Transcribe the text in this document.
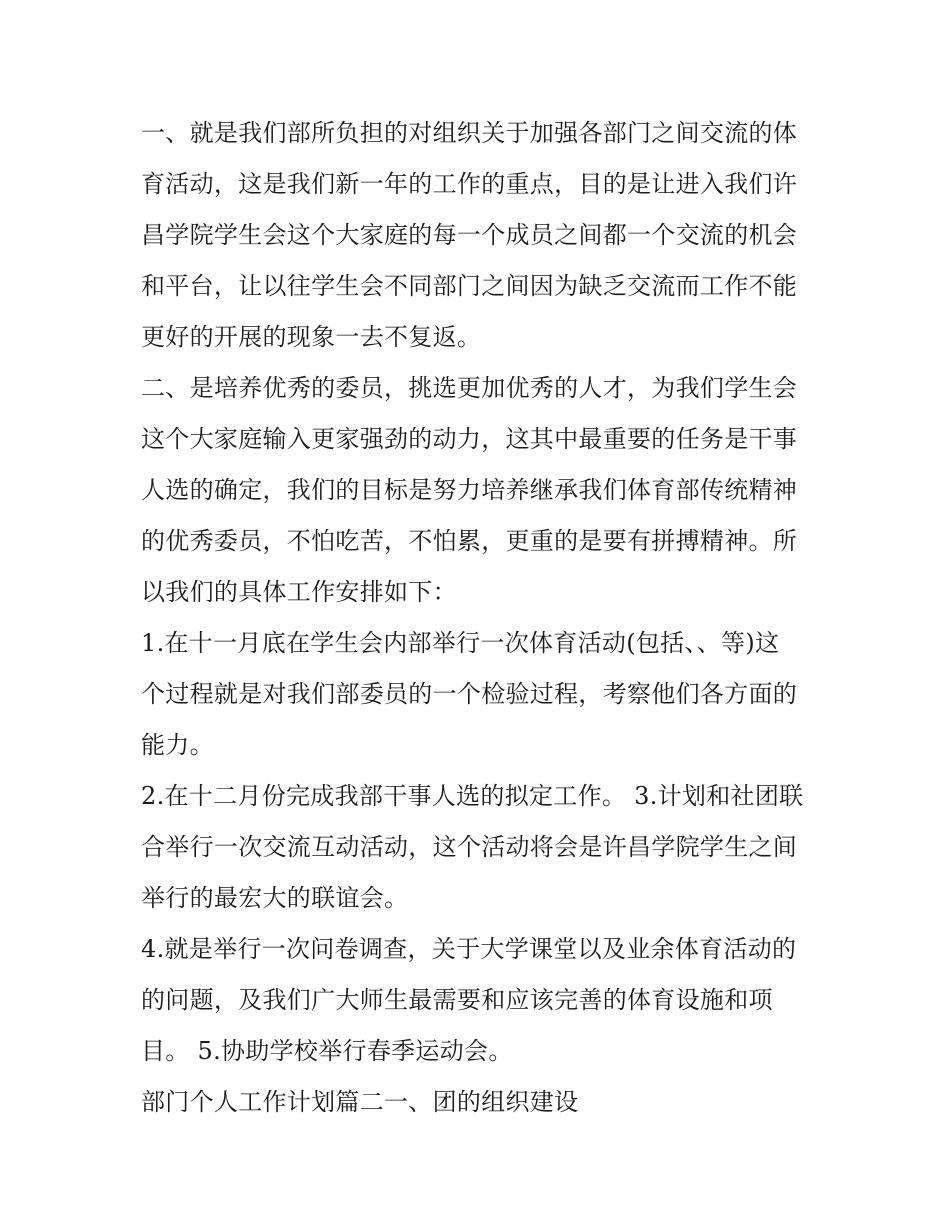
一、就是我们部所负担的对组织关于加强各部门之间交流的体
育活动，这是我们新一年的工作的重点，目的是让进入我们许
昌学院学生会这个大家庭的每一个成员之间都一个交流的机会
和平台，让以往学生会不同部门之间因为缺乏交流而工作不能
更好的开展的现象一去不复返。
二、是培养优秀的委员，挑选更加优秀的人才，为我们学生会
这个大家庭输入更家强劲的动力，这其中最重要的任务是干事
人选的确定，我们的目标是努力培养继承我们体育部传统精神
的优秀委员，不怕吃苦，不怕累，更重的是要有拼搏精神。所
以我们的具体工作安排如下：
1.在十一月底在学生会内部举行一次体育活动(包括、、等)这
个过程就是对我们部委员的一个检验过程，考察他们各方面的
能力。
2.在十二月份完成我部干事人选的拟定工作。 3.计划和社团联
合举行一次交流互动活动，这个活动将会是许昌学院学生之间
举行的最宏大的联谊会。
4.就是举行一次问卷调查，关于大学课堂以及业余体育活动的
的问题，及我们广大师生最需要和应该完善的体育设施和项
目。 5.协助学校举行春季运动会。
部门个人工作计划篇二一、团的组织建设
